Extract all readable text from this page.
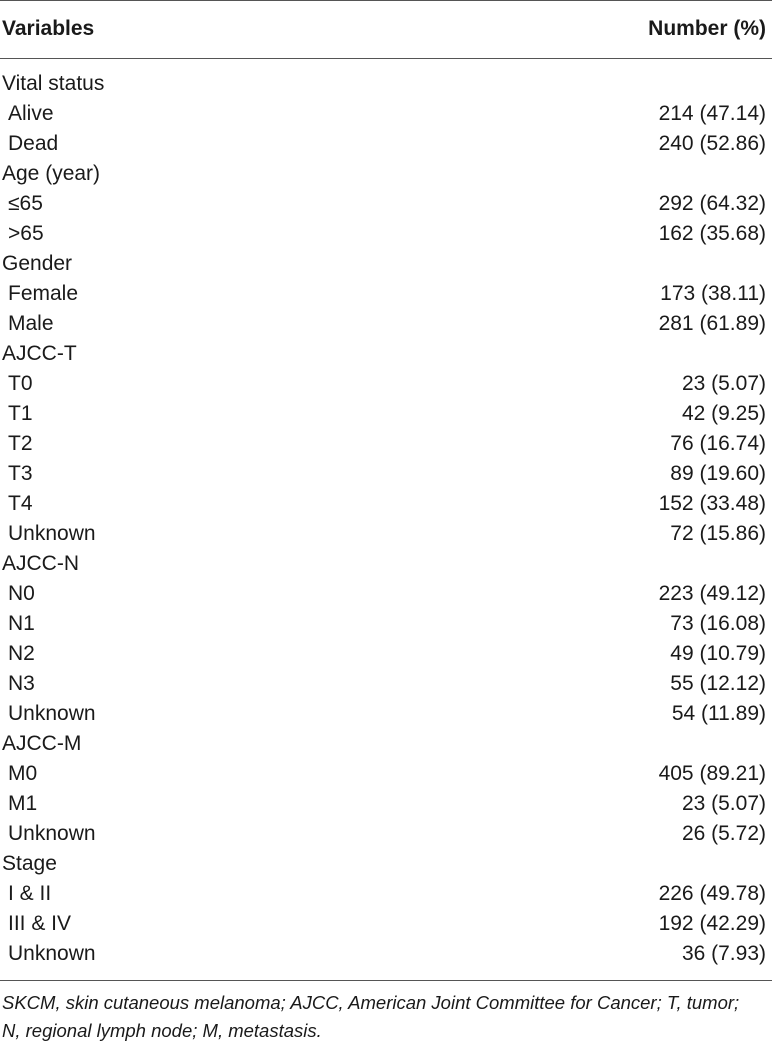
Variables	Number (%)
Vital status
Alive	214 (47.14)
Dead	240 (52.86)
Age (year)
≤65	292 (64.32)
>65	162 (35.68)
Gender
Female	173 (38.11)
Male	281 (61.89)
AJCC-T
T0	23 (5.07)
T1	42 (9.25)
T2	76 (16.74)
T3	89 (19.60)
T4	152 (33.48)
Unknown	72 (15.86)
AJCC-N
N0	223 (49.12)
N1	73 (16.08)
N2	49 (10.79)
N3	55 (12.12)
Unknown	54 (11.89)
AJCC-M
M0	405 (89.21)
M1	23 (5.07)
Unknown	26 (5.72)
Stage
I & II	226 (49.78)
III & IV	192 (42.29)
Unknown	36 (7.93)
SKCM, skin cutaneous melanoma; AJCC, American Joint Committee for Cancer; T, tumor; N, regional lymph node; M, metastasis.
